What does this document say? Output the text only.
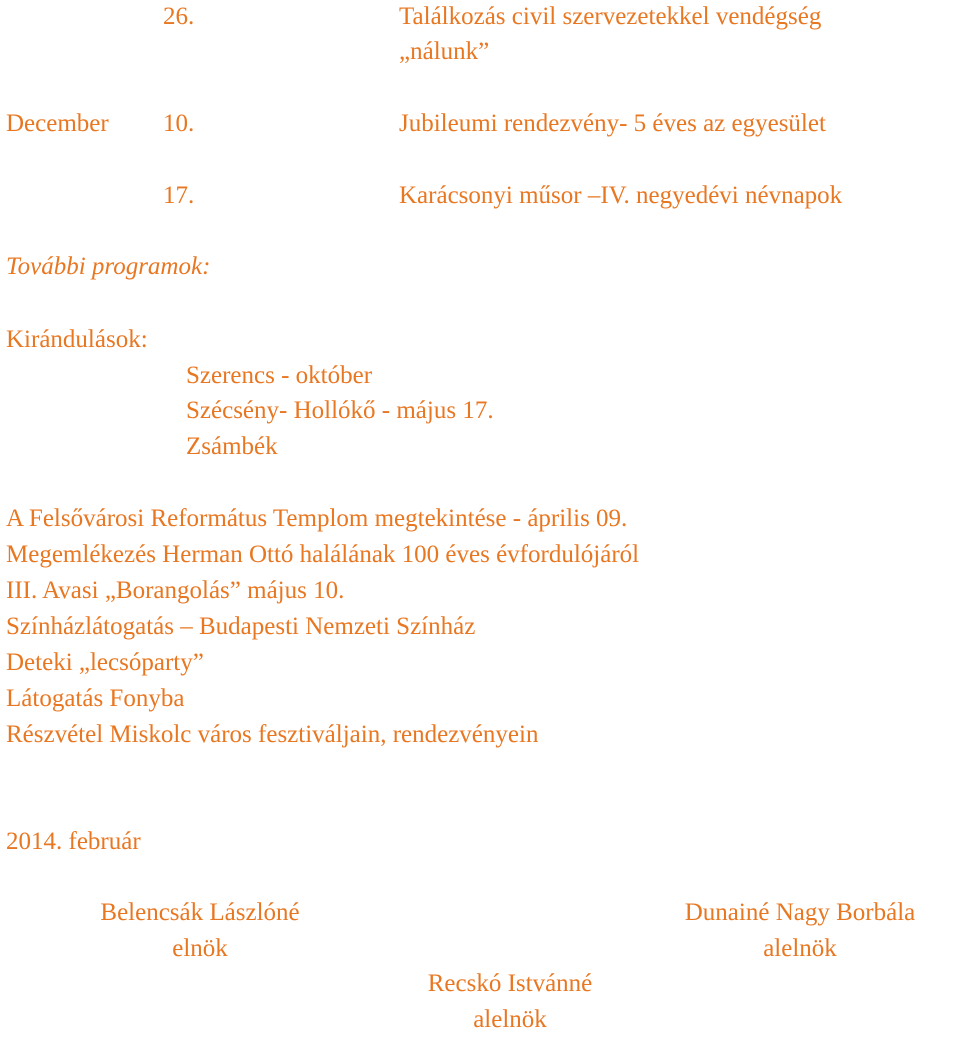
26.	Találkozás civil szervezetekkel vendégség
„nálunk”
December 10.	Jubileumi rendezvény- 5 éves az egyesület
17.	Karácsonyi műsor –IV. negyedévi névnapok
További programok:
Kirándulások:
Szerencs - október
Szécsény- Hollókő - május 17.
Zsámbék
A Felsővárosi Református Templom megtekintése - április 09.
Megemlékezés Herman Ottó halálának 100 éves évfordulójáról
III. Avasi „Borangolás” május 10.
Színházlátogatás – Budapesti Nemzeti Színház
Deteki „lecsóparty”
Látogatás Fonyba
Részvétel Miskolc város fesztiváljain, rendezvényein
2014. február
Belencsák Lászlóné
elnök
Dunainé Nagy Borbála
alelnök
Recskó Istvánné
alelnök
